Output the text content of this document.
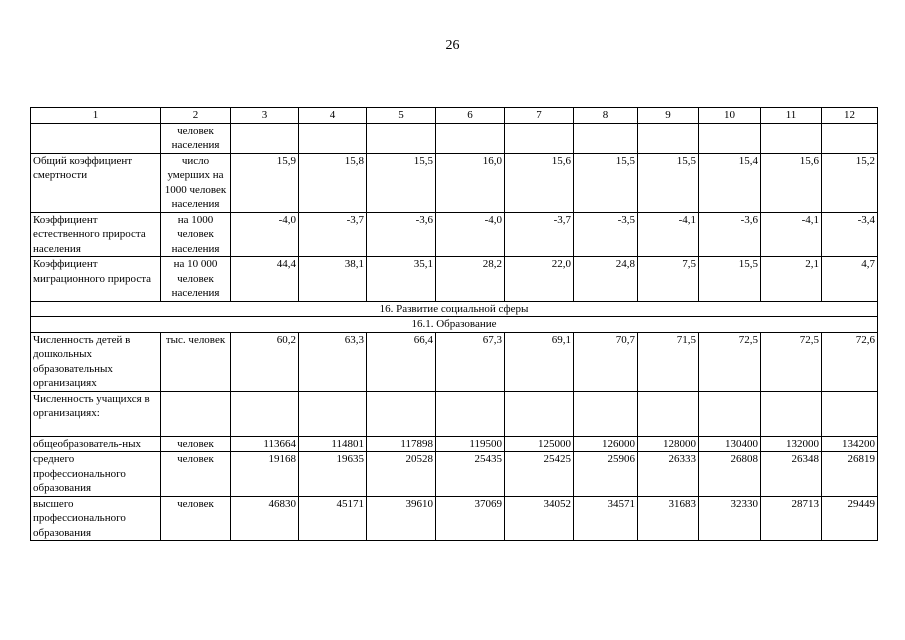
26
1	2	3	4	5	6	7	8	9	10	11	12
	человек населения										
Общий коэффициент смертности	число умерших на 1000 человек населения	15,9	15,8	15,5	16,0	15,6	15,5	15,5	15,4	15,6	15,2
Коэффициент естественного прироста населения	на 1000 человек населения	-4,0	-3,7	-3,6	-4,0	-3,7	-3,5	-4,1	-3,6	-4,1	-3,4
Коэффициент миграционного прироста	на 10 000 человек населения	44,4	38,1	35,1	28,2	22,0	24,8	7,5	15,5	2,1	4,7
16. Развитие социальной сферы											
16.1. Образование											
Численность детей в дошкольных образовательных организациях	тыс. человек	60,2	63,3	66,4	67,3	69,1	70,7	71,5	72,5	72,5	72,6
Численность учащихся в организациях:											
общеобразователь-ных	человек	113664	114801	117898	119500	125000	126000	128000	130400	132000	134200
среднего профессионального образования	человек	19168	19635	20528	25435	25425	25906	26333	26808	26348	26819
высшего профессионального образования	человек	46830	45171	39610	37069	34052	34571	31683	32330	28713	29449
